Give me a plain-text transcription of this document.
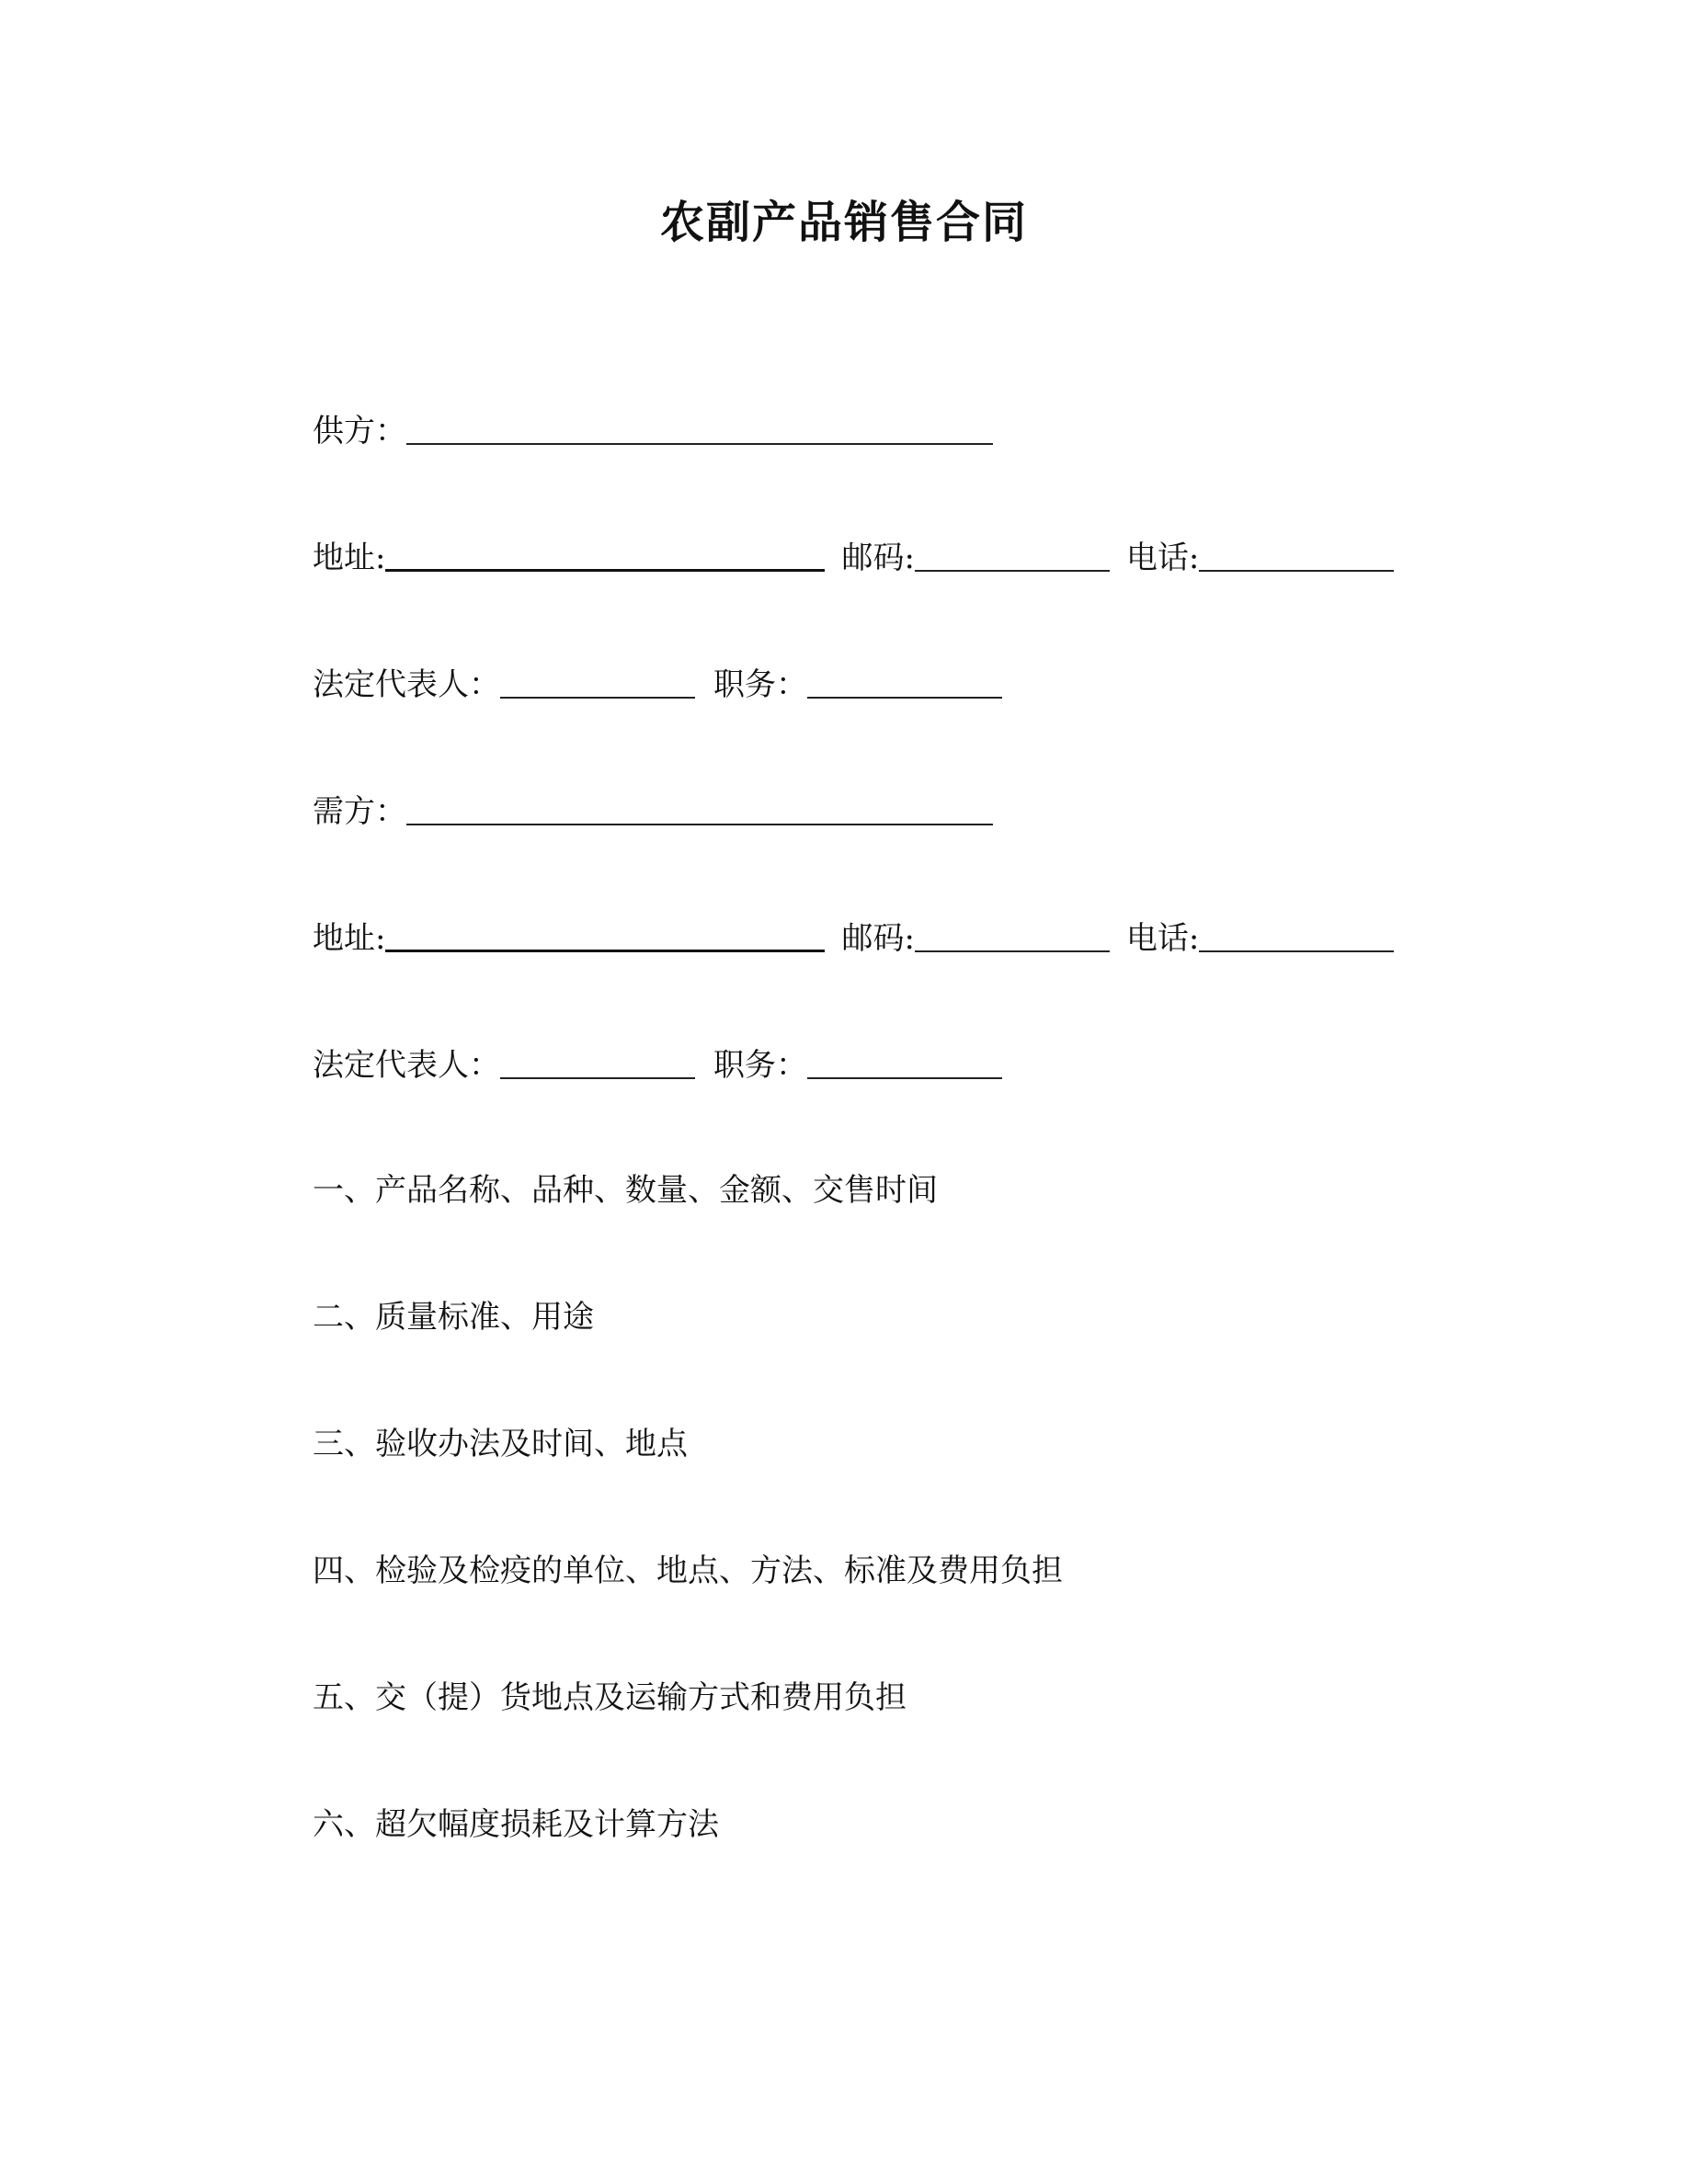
农副产品销售合同
供方：
地址:	邮码:	电话:
法定代表人：	职务：
需方：
地址:	邮码:	电话:
法定代表人：	职务：
一、产品名称、品种、数量、金额、交售时间
二、质量标准、用途
三、验收办法及时间、地点
四、检验及检疫的单位、地点、方法、标准及费用负担
五、交（提）货地点及运输方式和费用负担
六、超欠幅度损耗及计算方法
